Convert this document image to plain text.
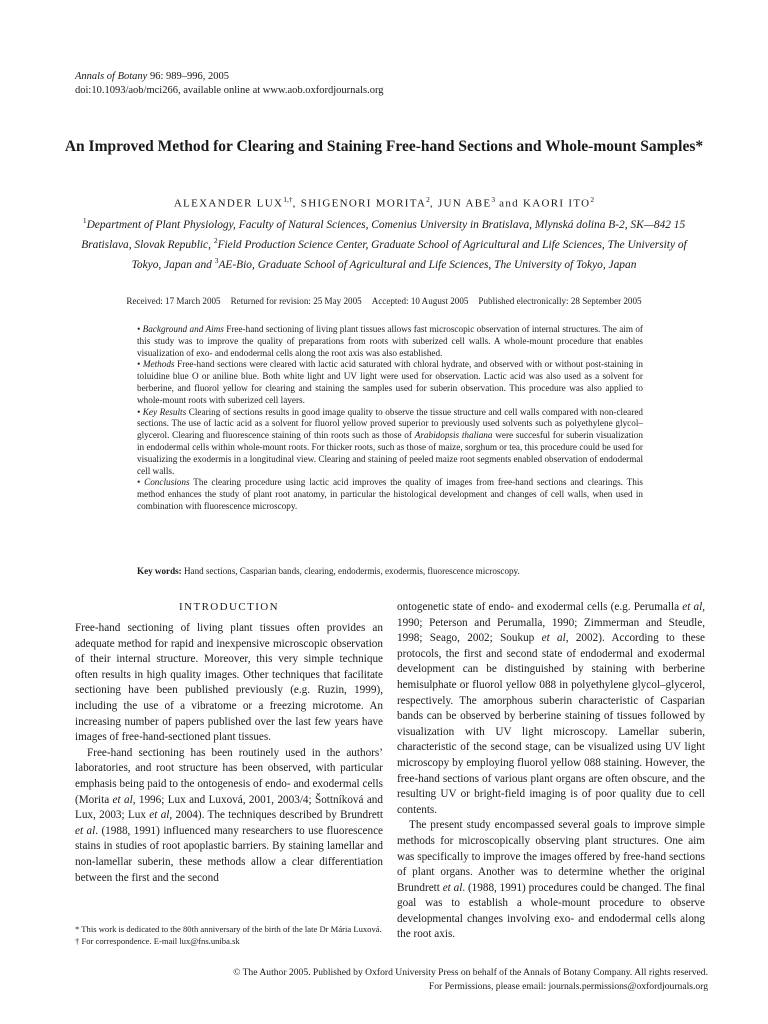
Annals of Botany 96: 989–996, 2005
doi:10.1093/aob/mci266, available online at www.aob.oxfordjournals.org
An Improved Method for Clearing and Staining Free-hand Sections and Whole-mount Samples*
ALEXANDER $LUX^{1,\dagger}$, SHIGENORI MORITA$^2$, JUN ABE$^3$ and KAORI ITO$^2$
$^1$Department of Plant Physiology, Faculty of Natural Sciences, Comenius University in Bratislava, Mlynská dolina B-2, SK—842 15 Bratislava, Slovak Republic, $^2$Field Production Science Center, Graduate School of Agricultural and Life Sciences, The University of Tokyo, Japan and $^3$AE-Bio, Graduate School of Agricultural and Life Sciences, The University of Tokyo, Japan
Received: 17 March 2005 Returned for revision: 25 May 2005 Accepted: 10 August 2005 Published electronically: 28 September 2005

• Background and Aims Free-hand sectioning of living plant tissues allows fast microscopic observation of internal structures. The aim of this study was to improve the quality of preparations from roots with suberized cell walls. A whole-mount procedure that enables visualization of exo- and endodermal cells along the root axis was also established.

• Methods Free-hand sections were cleared with lactic acid saturated with chloral hydrate, and observed with or without post-staining in toluidine blue O or aniline blue. Both white light and UV light were used for observation. Lactic acid was also used as a solvent for berberine, and fluorol yellow for clearing and staining the samples used for suberin observation. This procedure was also applied to whole-mount roots with suberized cell layers.

• Key Results Clearing of sections results in good image quality to observe the tissue structure and cell walls compared with non-cleared sections. The use of lactic acid as a solvent for fluorol yellow proved superior to previously used solvents such as polyethylene glycol–glycerol. Clearing and fluorescence staining of thin roots such as those of Arabidopsis thaliana were succesful for suberin visualization in endodermal cells within whole-mount roots. For thicker roots, such as those of maize, sorghum or tea, this procedure could be used for visualizing the exodermis in a longitudinal view. Clearing and staining of peeled maize root segments enabled observation of endodermal cell walls.

• Conclusions The clearing procedure using lactic acid improves the quality of images from free-hand sections and clearings. This method enhances the study of plant root anatomy, in particular the histological development and changes of cell walls, when used in combination with fluorescence microscopy.

Key words: Hand sections, Casparian bands, clearing, endodermis, exodermis, fluorescence microscopy.
INTRODUCTION

Free-hand sectioning of living plant tissues often provides an adequate method for rapid and inexpensive microscopic observation of their internal structure. Moreover, this very simple technique often results in high quality images. Other techniques that facilitate sectioning have been published previously (e.g. Ruzin, 1999), including the use of a vibratome or a freezing microtome. An increasing number of papers published over the last few years have images of free-hand-sectioned plant tissues.

Free-hand sectioning has been routinely used in the authors’ laboratories, and root structure has been observed, with particular emphasis being paid to the ontogenesis of endo- and exodermal cells (Morita et al, 1996; Lux and Luxová, 2001, 2003/4; Šottníková and Lux, 2003; Lux et al, 2004). The techniques described by Brundrett et al. (1988, 1991) influenced many researchers to use fluorescence stains in studies of root apoplastic barriers. By staining lamellar and non-lamellar suberin, these methods allow a clear differentiation between the first and the second

ontogenetic state of endo- and exodermal cells (e.g. Perumalla et al, 1990; Peterson and Perumalla, 1990; Zimmerman and Steudle, 1998; Seago, 2002; Soukup et al, 2002). According to these protocols, the first and second state of endodermal and exodermal development can be distinguished by staining with berberine hemisulphate or fluorol yellow 088 in polyethylene glycol–glycerol, respectively. The amorphous suberin characteristic of Casparian bands can be observed by berberine staining of tissues followed by visualization with UV light microscopy. Lamellar suberin, characteristic of the second stage, can be visualized using UV light microscopy by employing fluorol yellow 088 staining. However, the free-hand sections of various plant organs are often obscure, and the resulting UV or bright-field imaging is of poor quality due to cell contents.

The present study encompassed several goals to improve simple methods for microscopically observing plant structures. One aim was specifically to improve the images offered by free-hand sections of plant organs. Another was to determine whether the original Brundrett et al. (1988, 1991) procedures could be changed. The final goal was to establish a whole-mount procedure to observe developmental changes involving exo- and endodermal cells along the root axis.

* This work is dedicated to the 80th anniversary of the birth of the late Dr Mária Luxová.
† For correspondence. E-mail lux@fns.uniba.sk
© The Author 2005. Published by Oxford University Press on behalf of the Annals of Botany Company. All rights reserved.
For Permissions, please email: journals.permissions@oxfordjournals.org
